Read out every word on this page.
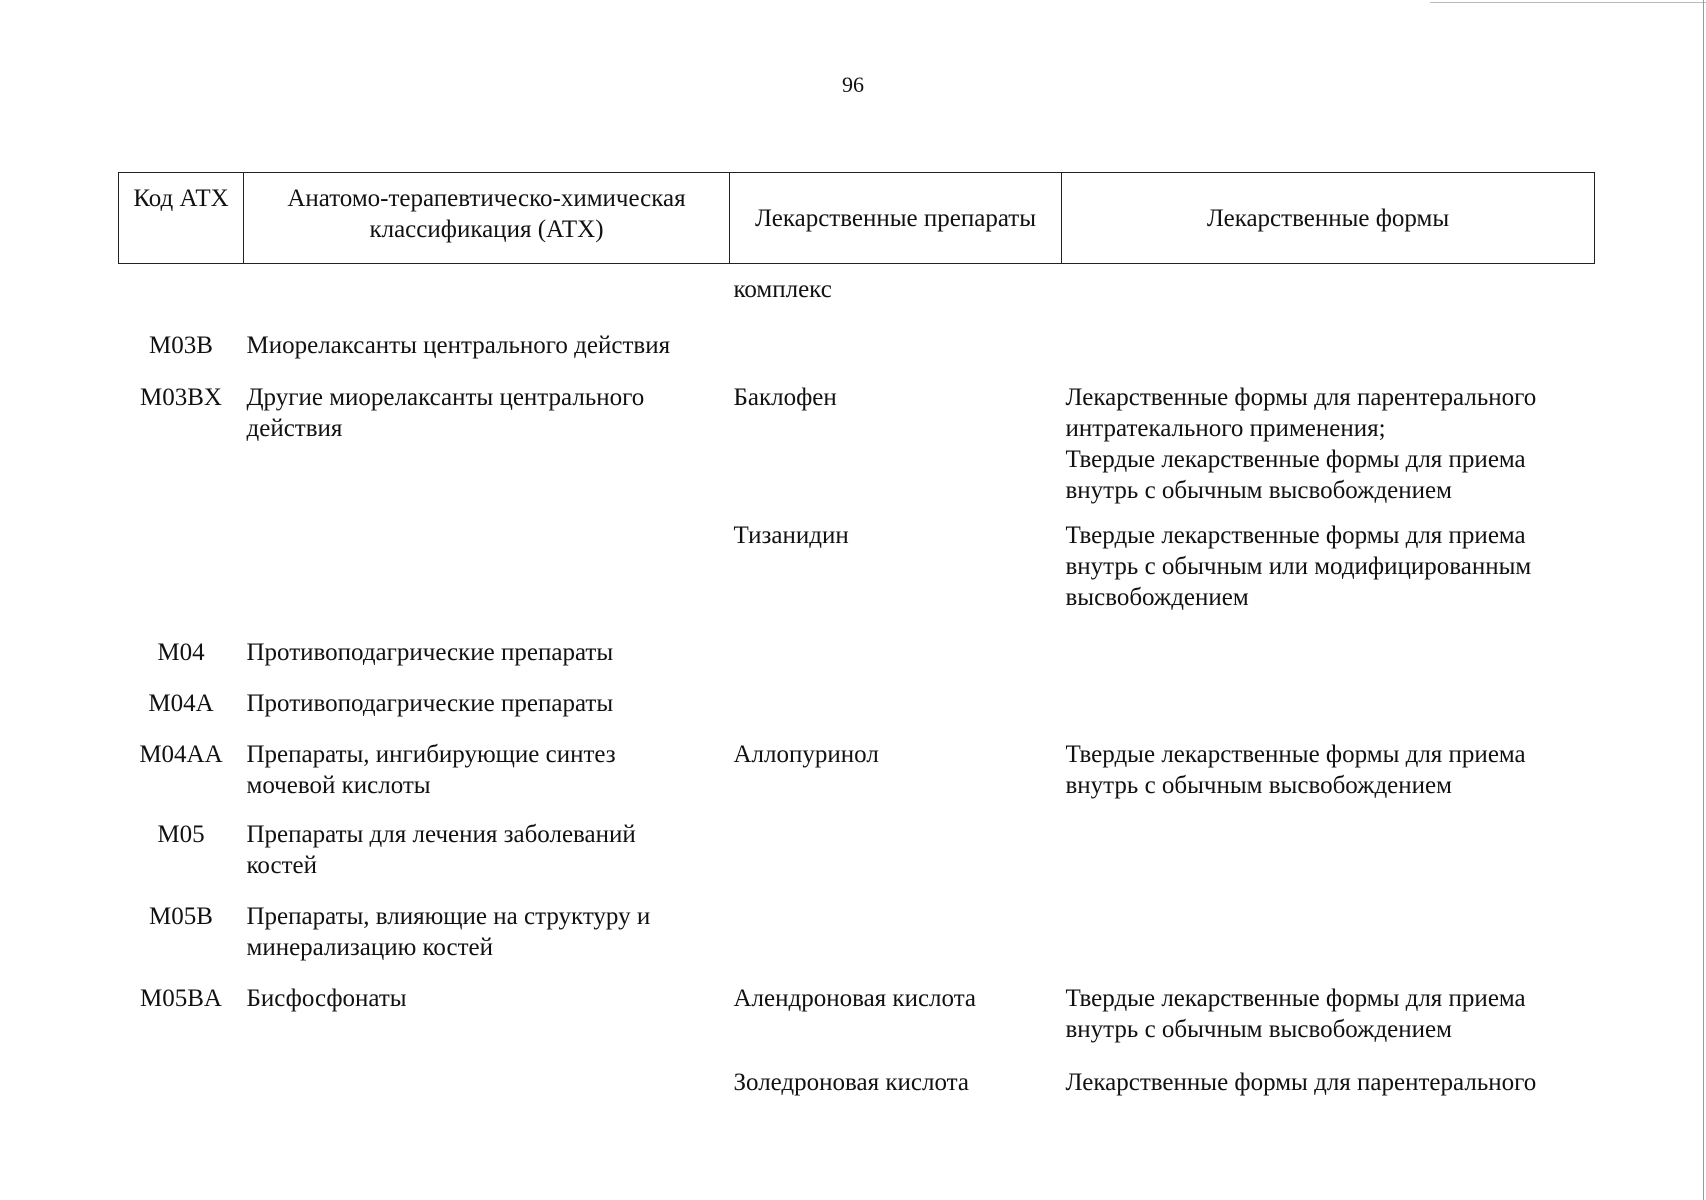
96
Код АТХ	Анатомо-терапевтическо-химическая
классификация (АТХ)	Лекарственные препараты	Лекарственные формы
		комплекс	
M03B	Миорелаксанты центрального действия		

M03BX	Другие миорелаксанты центрального
действия	Баклофен	Лекарственные формы для парентерального
интратекального применения;
Твердые лекарственные формы для приема
внутрь с обычным высвобождением

		Тизанидин	Твердые лекарственные формы для приема
внутрь с обычным или модифицированным
высвобождением

M04	Противоподагрические препараты		

M04A	Противоподагрические препараты		

M04AA	Препараты, ингибирующие синтез
мочевой кислоты	Аллопуринол	Твердые лекарственные формы для приема
внутрь с обычным высвобождением

M05	Препараты для лечения заболеваний
костей		

M05B	Препараты, влияющие на структуру и
минерализацию костей		

M05BA	Бисфосфонаты	Алендроновая кислота	Твердые лекарственные формы для приема
внутрь с обычным высвобождением

		Золедроновая кислота	Лекарственные формы для парентерального
